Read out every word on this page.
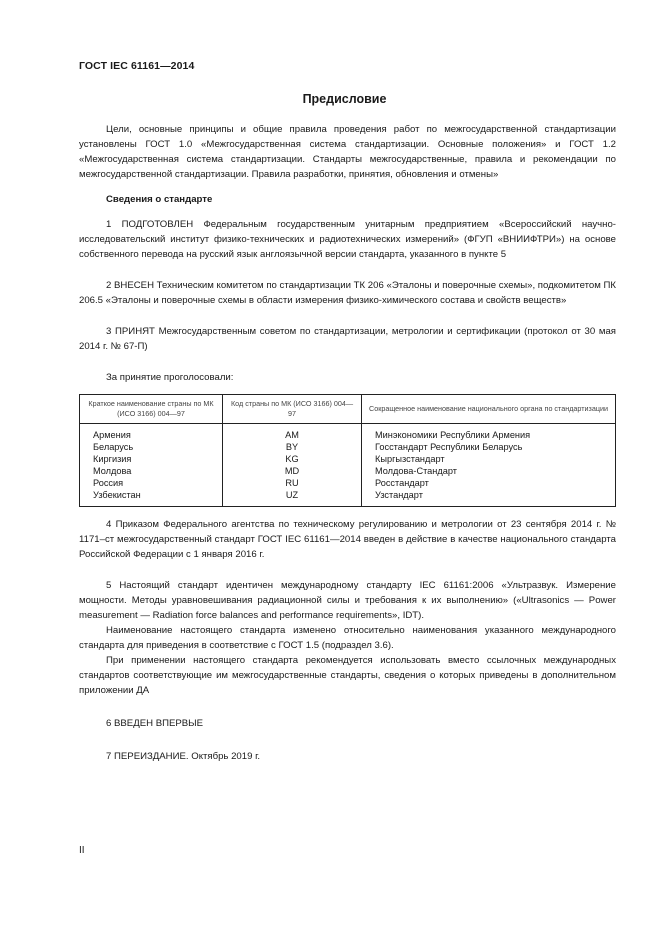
ГОСТ IEC 61161—2014
Предисловие

Цели, основные принципы и общие правила проведения работ по межгосударственной стандартизации установлены ГОСТ 1.0 «Межгосударственная система стандартизации. Основные положения» и ГОСТ 1.2 «Межгосударственная система стандартизации. Стандарты межгосударственные, правила и рекомендации по межгосударственной стандартизации. Правила разработки, принятия, обновления и отмены»

Сведения о стандарте

1 ПОДГОТОВЛЕН Федеральным государственным унитарным предприятием «Всероссийский научно-исследовательский институт физико-технических и радиотехнических измерений» (ФГУП «ВНИИФТРИ») на основе собственного перевода на русский язык англоязычной версии стандарта, указанного в пункте 5

2 ВНЕСЕН Техническим комитетом по стандартизации ТК 206 «Эталоны и поверочные схемы», подкомитетом ПК 206.5 «Эталоны и поверочные схемы в области измерения физико-химического состава и свойств веществ»

3 ПРИНЯТ Межгосударственным советом по стандартизации, метрологии и сертификации (протокол от 30 мая 2014 г. № 67-П)

За принятие проголосовали:

Краткое наименование страны по МК (ИСО 3166) 004—97	Код страны по МК (ИСО 3166) 004—97	Сокращенное наименование национального органа по стандартизации
Армения	AM	Минэкономики Республики Армения
Беларусь	BY	Госстандарт Республики Беларусь
Киргизия	KG	Кыргызстандарт
Молдова	MD	Молдова-Стандарт
Россия	RU	Росстандарт
Узбекистан	UZ	Узстандарт

4 Приказом Федерального агентства по техническому регулированию и метрологии от 23 сентября 2014 г. № 1171–ст межгосударственный стандарт ГОСТ IEC 61161—2014 введен в действие в качестве национального стандарта Российской Федерации с 1 января 2016 г.

5 Настоящий стандарт идентичен международному стандарту IEC 61161:2006 «Ультразвук. Измерение мощности. Методы уравновешивания радиационной силы и требования к их выполнению» («Ultrasonics — Power measurement — Radiation force balances and performance requirements», IDT).

Наименование настоящего стандарта изменено относительно наименования указанного международного стандарта для приведения в соответствие с ГОСТ 1.5 (подраздел 3.6).

При применении настоящего стандарта рекомендуется использовать вместо ссылочных международных стандартов соответствующие им межгосударственные стандарты, сведения о которых приведены в дополнительном приложении ДА

6 ВВЕДЕН ВПЕРВЫЕ

7 ПЕРЕИЗДАНИЕ. Октябрь 2019 г.

II
